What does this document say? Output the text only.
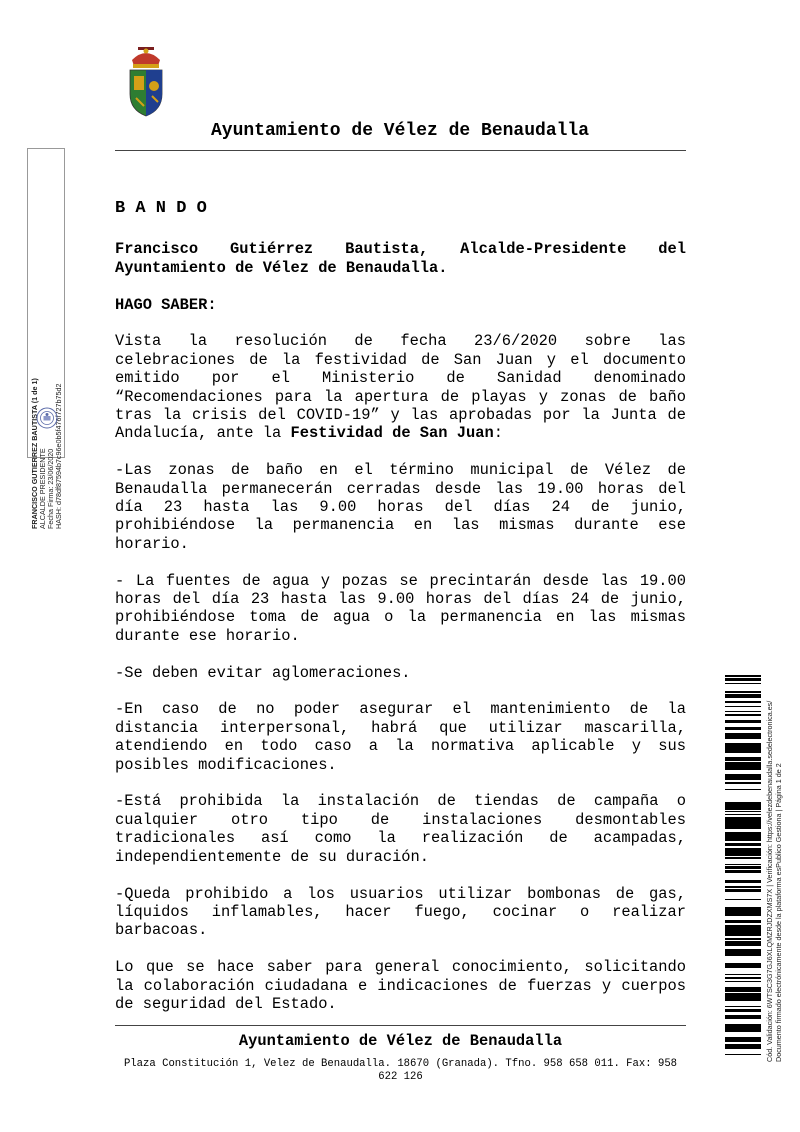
Ayuntamiento de Vélez de Benaudalla
FRANCISCO GUTIERREZ BAUTISTA (1 de 1) ALCALDE PRESIDENTE Fecha Firma: 23/06/2020 HASH: d78df87594b7c96e0b5f476f727b75d2

BANDO

Francisco Gutiérrez Bautista, Alcalde-Presidente del Ayuntamiento de Vélez de Benaudalla.

HAGO SABER:

Vista la resolución de fecha 23/6/2020 sobre las celebraciones de la festividad de San Juan y el documento emitido por el Ministerio de Sanidad denominado “Recomendaciones para la apertura de playas y zonas de baño tras la crisis del COVID-19” y las aprobadas por la Junta de Andalucía, ante la Festividad de San Juan:

-Las zonas de baño en el término municipal de Vélez de Benaudalla permanecerán cerradas desde las 19.00 horas del día 23 hasta las 9.00 horas del días 24 de junio, prohibiéndose la permanencia en las mismas durante ese horario.

- La fuentes de agua y pozas se precintarán desde las 19.00 horas del día 23 hasta las 9.00 horas del días 24 de junio, prohibiéndose toma de agua o la permanencia en las mismas durante ese horario.

-Se deben evitar aglomeraciones.

-En caso de no poder asegurar el mantenimiento de la distancia interpersonal, habrá que utilizar mascarilla, atendiendo en todo caso a la normativa aplicable y sus posibles modificaciones.

-Está prohibida la instalación de tiendas de campaña o cualquier otro tipo de instalaciones desmontables tradicionales así como la realización de acampadas, independientemente de su duración.

-Queda prohibido a los usuarios utilizar bombonas de gas, líquidos inflamables, hacer fuego, cocinar o realizar barbacoas.

Lo que se hace saber para general conocimiento, solicitando la colaboración ciudadana e indicaciones de fuerzas y cuerpos de seguridad del Estado.

Ayuntamiento de Vélez de Benaudalla
Plaza Constitución 1, Velez de Benaudalla. 18670 (Granada). Tfno. 958 658 011. Fax: 958 622 126
Cód. Validación: 6WTSC3G7GJ6XLQMZRJDZXMS7X | Verificación: https://velezdebenaudalla.sedelectronica.es/ Documento firmado electrónicamente desde la plataforma esPublico Gestiona | Página 1 de 2
